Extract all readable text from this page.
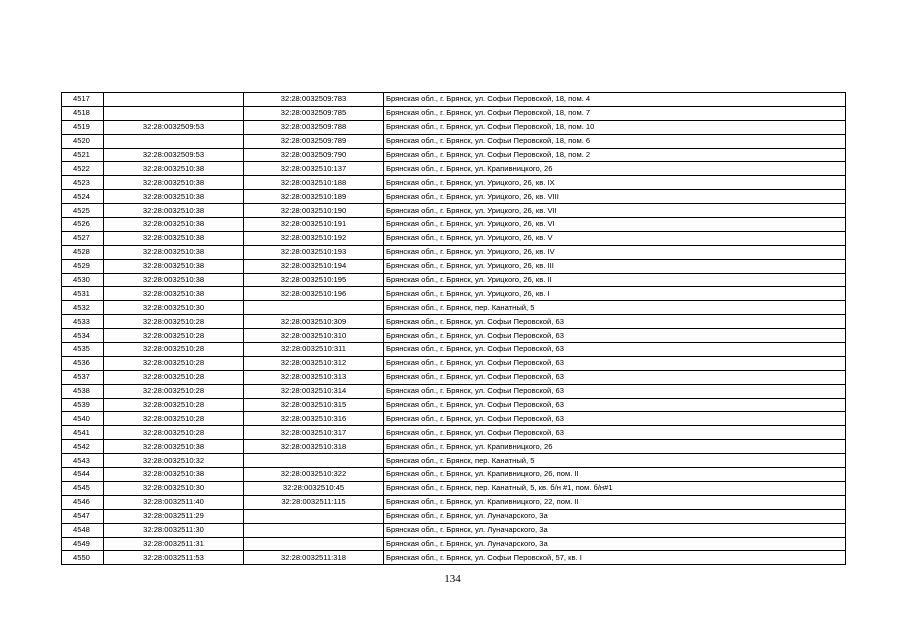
4517		32:28:0032509:783	Брянская обл., г. Брянск, ул. Софьи Перовской, 18, пом. 4
4518		32:28:0032509:785	Брянская обл., г. Брянск, ул. Софьи Перовской, 18, пом. 7
4519	32:28:0032509:53	32:28:0032509:788	Брянская обл., г. Брянск, ул. Софьи Перовской, 18, пом. 10
4520		32:28:0032509:789	Брянская обл., г. Брянск, ул. Софьи Перовской, 18, пом. 6
4521	32:28:0032509:53	32:28:0032509:790	Брянская обл., г. Брянск, ул. Софьи Перовской, 18, пом. 2
4522	32:28:0032510:38	32:28:0032510:137	Брянская обл., г. Брянск, ул. Крапивницкого, 26
4523	32:28:0032510:38	32:28:0032510:188	Брянская обл., г. Брянск, ул. Урицкого, 26, кв. IX
4524	32:28:0032510:38	32:28:0032510:189	Брянская обл., г. Брянск, ул. Урицкого, 26, кв. VIII
4525	32:28:0032510:38	32:28:0032510:190	Брянская обл., г. Брянск, ул. Урицкого, 26, кв. VII
4526	32:28:0032510:38	32:28:0032510:191	Брянская обл., г. Брянск, ул. Урицкого, 26, кв. VI
4527	32:28:0032510:38	32:28:0032510:192	Брянская обл., г. Брянск, ул. Урицкого, 26, кв. V
4528	32:28:0032510:38	32:28:0032510:193	Брянская обл., г. Брянск, ул. Урицкого, 26, кв. IV
4529	32:28:0032510:38	32:28:0032510:194	Брянская обл., г. Брянск, ул. Урицкого, 26, кв. III
4530	32:28:0032510:38	32:28:0032510:195	Брянская обл., г. Брянск, ул. Урицкого, 26, кв. II
4531	32:28:0032510:38	32:28:0032510:196	Брянская обл., г. Брянск, ул. Урицкого, 26, кв. I
4532	32:28:0032510:30		Брянская обл., г. Брянск, пер. Канатный, 5
4533	32:28:0032510:28	32:28:0032510:309	Брянская обл., г. Брянск, ул. Софьи Перовской, 63
4534	32:28:0032510:28	32:28:0032510:310	Брянская обл., г. Брянск, ул. Софьи Перовской, 63
4535	32:28:0032510:28	32:28:0032510:311	Брянская обл., г. Брянск, ул. Софьи Перовской, 63
4536	32:28:0032510:28	32:28:0032510:312	Брянская обл., г. Брянск, ул. Софьи Перовской, 63
4537	32:28:0032510:28	32:28:0032510:313	Брянская обл., г. Брянск, ул. Софьи Перовской, 63
4538	32:28:0032510:28	32:28:0032510:314	Брянская обл., г. Брянск, ул. Софьи Перовской, 63
4539	32:28:0032510:28	32:28:0032510:315	Брянская обл., г. Брянск, ул. Софьи Перовской, 63
4540	32:28:0032510:28	32:28:0032510:316	Брянская обл., г. Брянск, ул. Софьи Перовской, 63
4541	32:28:0032510:28	32:28:0032510:317	Брянская обл., г. Брянск, ул. Софьи Перовской, 63
4542	32:28:0032510:38	32:28:0032510:318	Брянская обл., г. Брянск, ул. Крапивницкого, 26
4543	32:28:0032510:32		Брянская обл., г. Брянск, пер. Канатный, 5
4544	32:28:0032510:38	32:28:0032510:322	Брянская обл., г. Брянск, ул. Крапивницкого, 26, пом. II
4545	32:28:0032510:30	32:28:0032510:45	Брянская обл., г. Брянск, пер. Канатный, 5, кв. б/н #1, пом. б/н#1
4546	32:28:0032511:40	32:28:0032511:115	Брянская обл., г. Брянск, ул. Крапивницкого, 22, пом. II
4547	32:28:0032511:29		Брянская обл., г. Брянск, ул. Луначарского, 3а
4548	32:28:0032511:30		Брянская обл., г. Брянск, ул. Луначарского, 3а
4549	32:28:0032511:31		Брянская обл., г. Брянск, ул. Луначарского, 3а
4550	32:28:0032511:53	32:28:0032511:318	Брянская обл., г. Брянск, ул. Софьи Перовской, 57, кв. I
134
